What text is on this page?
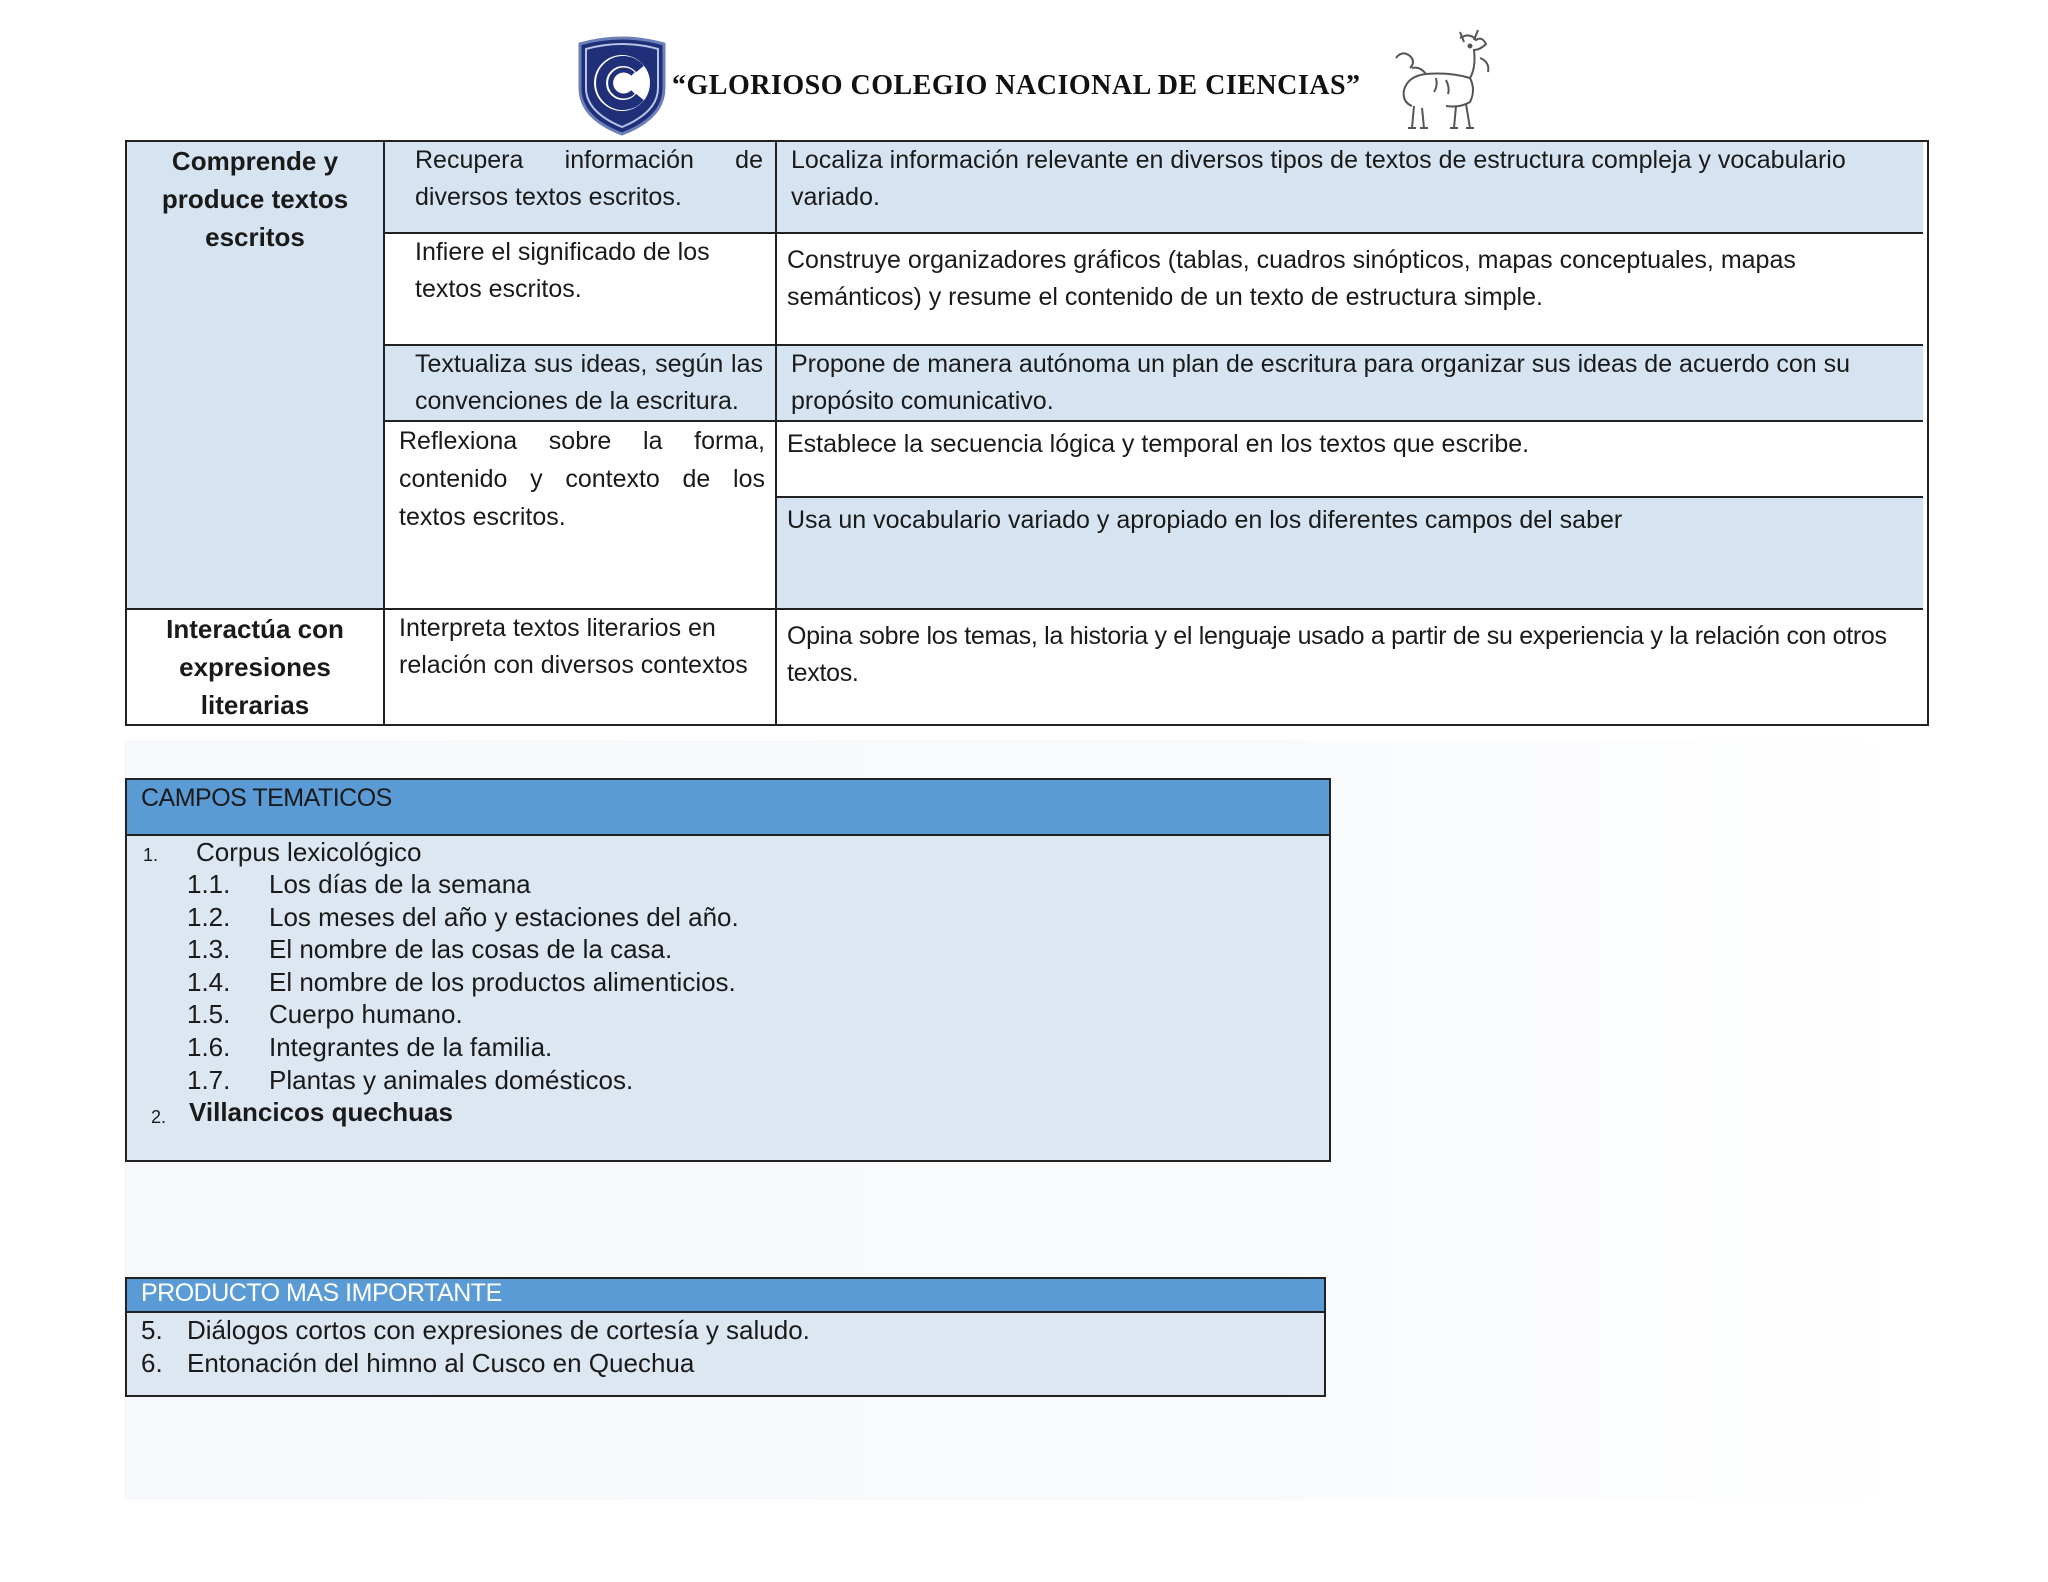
“GLORIOSO COLEGIO NACIONAL DE CIENCIAS”
Comprende y produce textos escritos
Interactúa con expresiones literarias
Recupera información de diversos textos escritos.
Infiere el significado de los textos escritos.
Textualiza sus ideas, según las convenciones de la escritura.
Reflexiona sobre la forma, contenido y contexto de los textos escritos.
Interpreta textos literarios en relación con diversos contextos
Localiza información relevante en diversos tipos de textos de estructura compleja y vocabulario variado.
Construye organizadores gráficos (tablas, cuadros sinópticos, mapas conceptuales, mapas semánticos) y resume el contenido de un texto de estructura simple.
Propone de manera autónoma un plan de escritura para organizar sus ideas de acuerdo con su propósito comunicativo.
Establece la secuencia lógica y temporal en los textos que escribe.
Usa un vocabulario variado y apropiado en los diferentes campos del saber
Opina sobre los temas, la historia y el lenguaje usado a partir de su experiencia y la relación con otros textos.
CAMPOS TEMATICOS
1. Corpus lexicológico
1.1. Los días de la semana
1.2. Los meses del año y estaciones del año.
1.3. El nombre de las cosas de la casa.
1.4. El nombre de los productos alimenticios.
1.5. Cuerpo humano.
1.6. Integrantes de la familia.
1.7. Plantas y animales domésticos.
2. Villancicos quechuas
PRODUCTO MAS IMPORTANTE
5. Diálogos cortos con expresiones de cortesía y saludo.
6. Entonación del himno al Cusco en Quechua
